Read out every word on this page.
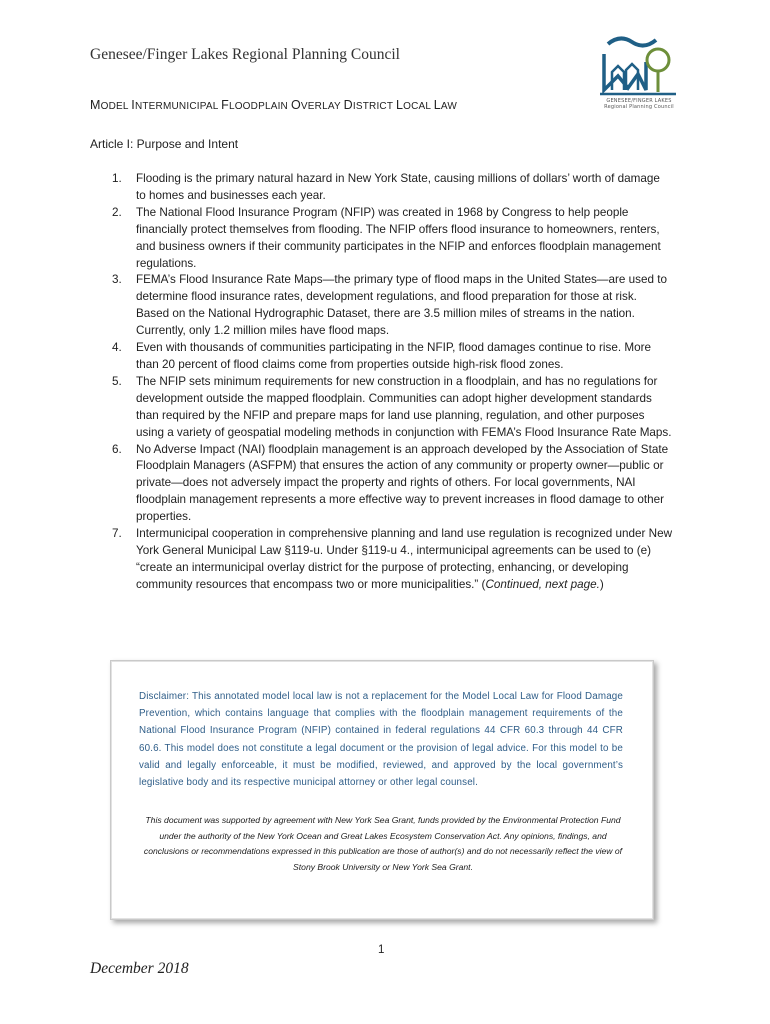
Genesee/Finger Lakes Regional Planning Council
GENESEE/FINGER LAKES
Regional Planning Council
MODEL INTERMUNICIPAL FLOODPLAIN OVERLAY DISTRICT LOCAL LAW
Article I: Purpose and Intent
1. Flooding is the primary natural hazard in New York State, causing millions of dollars’ worth of damage to homes and businesses each year.
2. The National Flood Insurance Program (NFIP) was created in 1968 by Congress to help people financially protect themselves from flooding. The NFIP offers flood insurance to homeowners, renters, and business owners if their community participates in the NFIP and enforces floodplain management regulations.
3. FEMA’s Flood Insurance Rate Maps—the primary type of flood maps in the United States—are used to determine flood insurance rates, development regulations, and flood preparation for those at risk. Based on the National Hydrographic Dataset, there are 3.5 million miles of streams in the nation. Currently, only 1.2 million miles have flood maps.
4. Even with thousands of communities participating in the NFIP, flood damages continue to rise. More than 20 percent of flood claims come from properties outside high-risk flood zones.
5. The NFIP sets minimum requirements for new construction in a floodplain, and has no regulations for development outside the mapped floodplain. Communities can adopt higher development standards than required by the NFIP and prepare maps for land use planning, regulation, and other purposes using a variety of geospatial modeling methods in conjunction with FEMA’s Flood Insurance Rate Maps.
6. No Adverse Impact (NAI) floodplain management is an approach developed by the Association of State Floodplain Managers (ASFPM) that ensures the action of any community or property owner—public or private—does not adversely impact the property and rights of others. For local governments, NAI floodplain management represents a more effective way to prevent increases in flood damage to other properties.
7. Intermunicipal cooperation in comprehensive planning and land use regulation is recognized under New York General Municipal Law §119-u. Under §119-u 4., intermunicipal agreements can be used to (e) “create an intermunicipal overlay district for the purpose of protecting, enhancing, or developing community resources that encompass two or more municipalities.” (Continued, next page.)
Disclaimer: This annotated model local law is not a replacement for the Model Local Law for Flood Damage Prevention, which contains language that complies with the floodplain management requirements of the National Flood Insurance Program (NFIP) contained in federal regulations 44 CFR 60.3 through 44 CFR 60.6. This model does not constitute a legal document or the provision of legal advice. For this model to be valid and legally enforceable, it must be modified, reviewed, and approved by the local government’s legislative body and its respective municipal attorney or other legal counsel.
This document was supported by agreement with New York Sea Grant, funds provided by the Environmental Protection Fund under the authority of the New York Ocean and Great Lakes Ecosystem Conservation Act. Any opinions, findings, and conclusions or recommendations expressed in this publication are those of author(s) and do not necessarily reflect the view of Stony Brook University or New York Sea Grant.
1
December 2018
